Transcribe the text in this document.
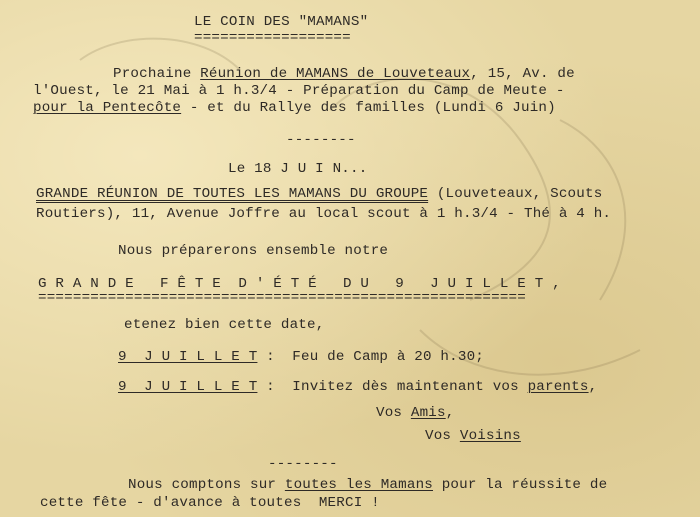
LE COIN DES "MAMANS"
==================
Prochaine Réunion de MAMANS de Louveteaux, 15, Av. de
l'Ouest, le 21 Mai à 1 h.3/4 - Préparation du Camp de Meute -
pour la Pentecôte - et du Rallye des familles (Lundi 6 Juin)
--------
Le 18 J U I N...
GRANDE RÉUNION DE TOUTES LES MAMANS DU GROUPE (Louveteaux, Scouts
Routiers), 11, Avenue Joffre au local scout à 1 h.3/4 - Thé à 4 h.
Nous préparerons ensemble notre
G R A N D E   F Ê T E  D ' É T É   D U   9   J U I L L E T ,
========================================================
etenez bien cette date,
9  J U I L L E T :  Feu de Camp à 20 h.30;
9  J U I L L E T :  Invitez dès maintenant vos parents,
Vos Amis,
Vos Voisins
--------
Nous comptons sur toutes les Mamans pour la réussite de
cette fête - d'avance à toutes  MERCI !
